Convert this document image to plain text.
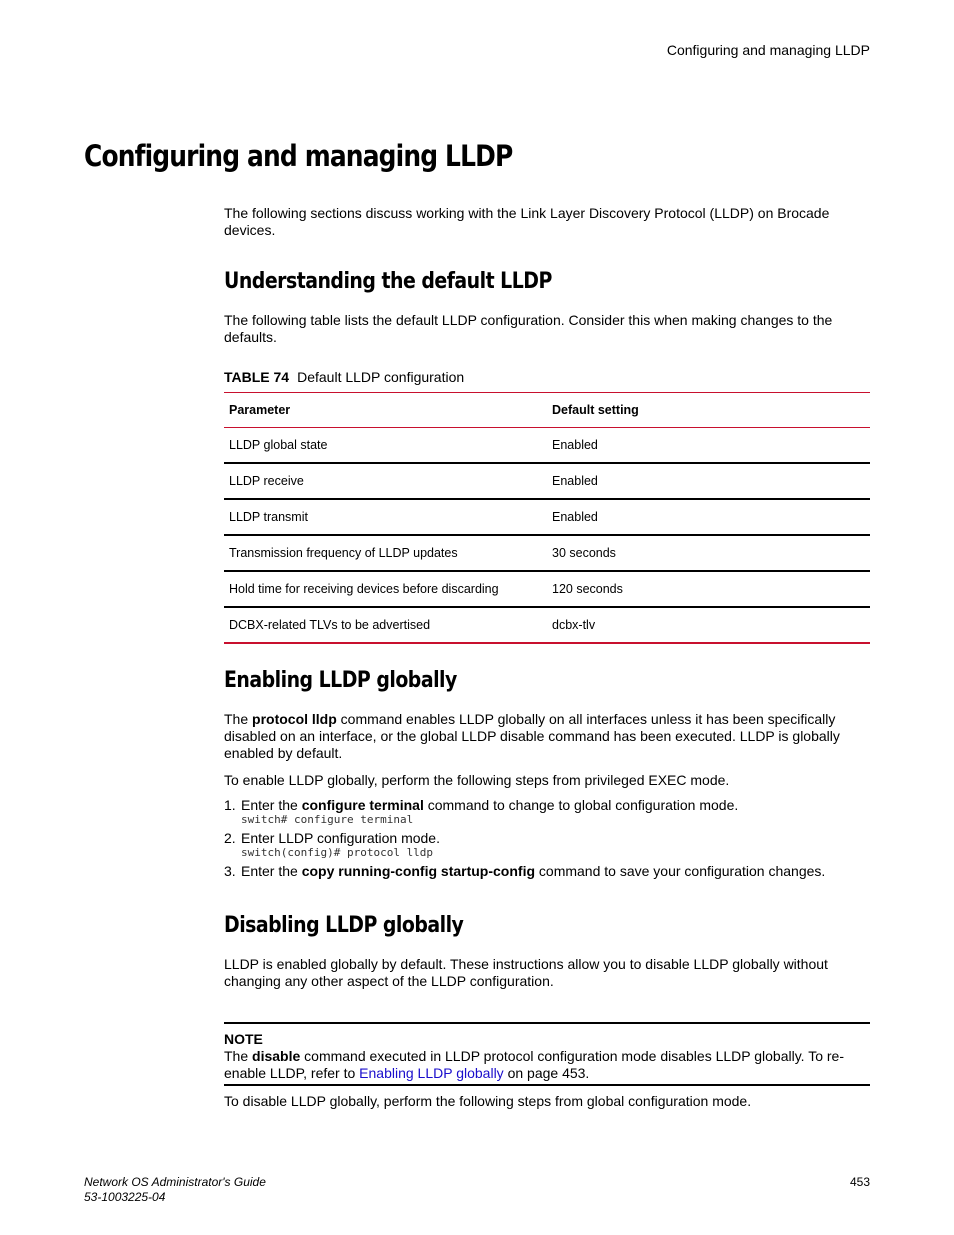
Configuring and managing LLDP
Configuring and managing LLDP
The following sections discuss working with the Link Layer Discovery Protocol (LLDP) on Brocade devices.
Understanding the default LLDP
The following table lists the default LLDP configuration. Consider this when making changes to the defaults.
TABLE 74 Default LLDP configuration
Parameter	Default setting
LLDP global state	Enabled
LLDP receive	Enabled
LLDP transmit	Enabled
Transmission frequency of LLDP updates	30 seconds
Hold time for receiving devices before discarding	120 seconds
DCBX-related TLVs to be advertised	dcbx-tlv
Enabling LLDP globally
The protocol lldp command enables LLDP globally on all interfaces unless it has been specifically disabled on an interface, or the global LLDP disable command has been executed. LLDP is globally enabled by default.
To enable LLDP globally, perform the following steps from privileged EXEC mode.
1. Enter the configure terminal command to change to global configuration mode.
switch# configure terminal
2. Enter LLDP configuration mode.
switch(config)# protocol lldp
3. Enter the copy running-config startup-config command to save your configuration changes.
Disabling LLDP globally
LLDP is enabled globally by default. These instructions allow you to disable LLDP globally without changing any other aspect of the LLDP configuration.
NOTE
The disable command executed in LLDP protocol configuration mode disables LLDP globally. To re-enable LLDP, refer to Enabling LLDP globally on page 453.
To disable LLDP globally, perform the following steps from global configuration mode.
Network OS Administrator's Guide
53-1003225-04
453
